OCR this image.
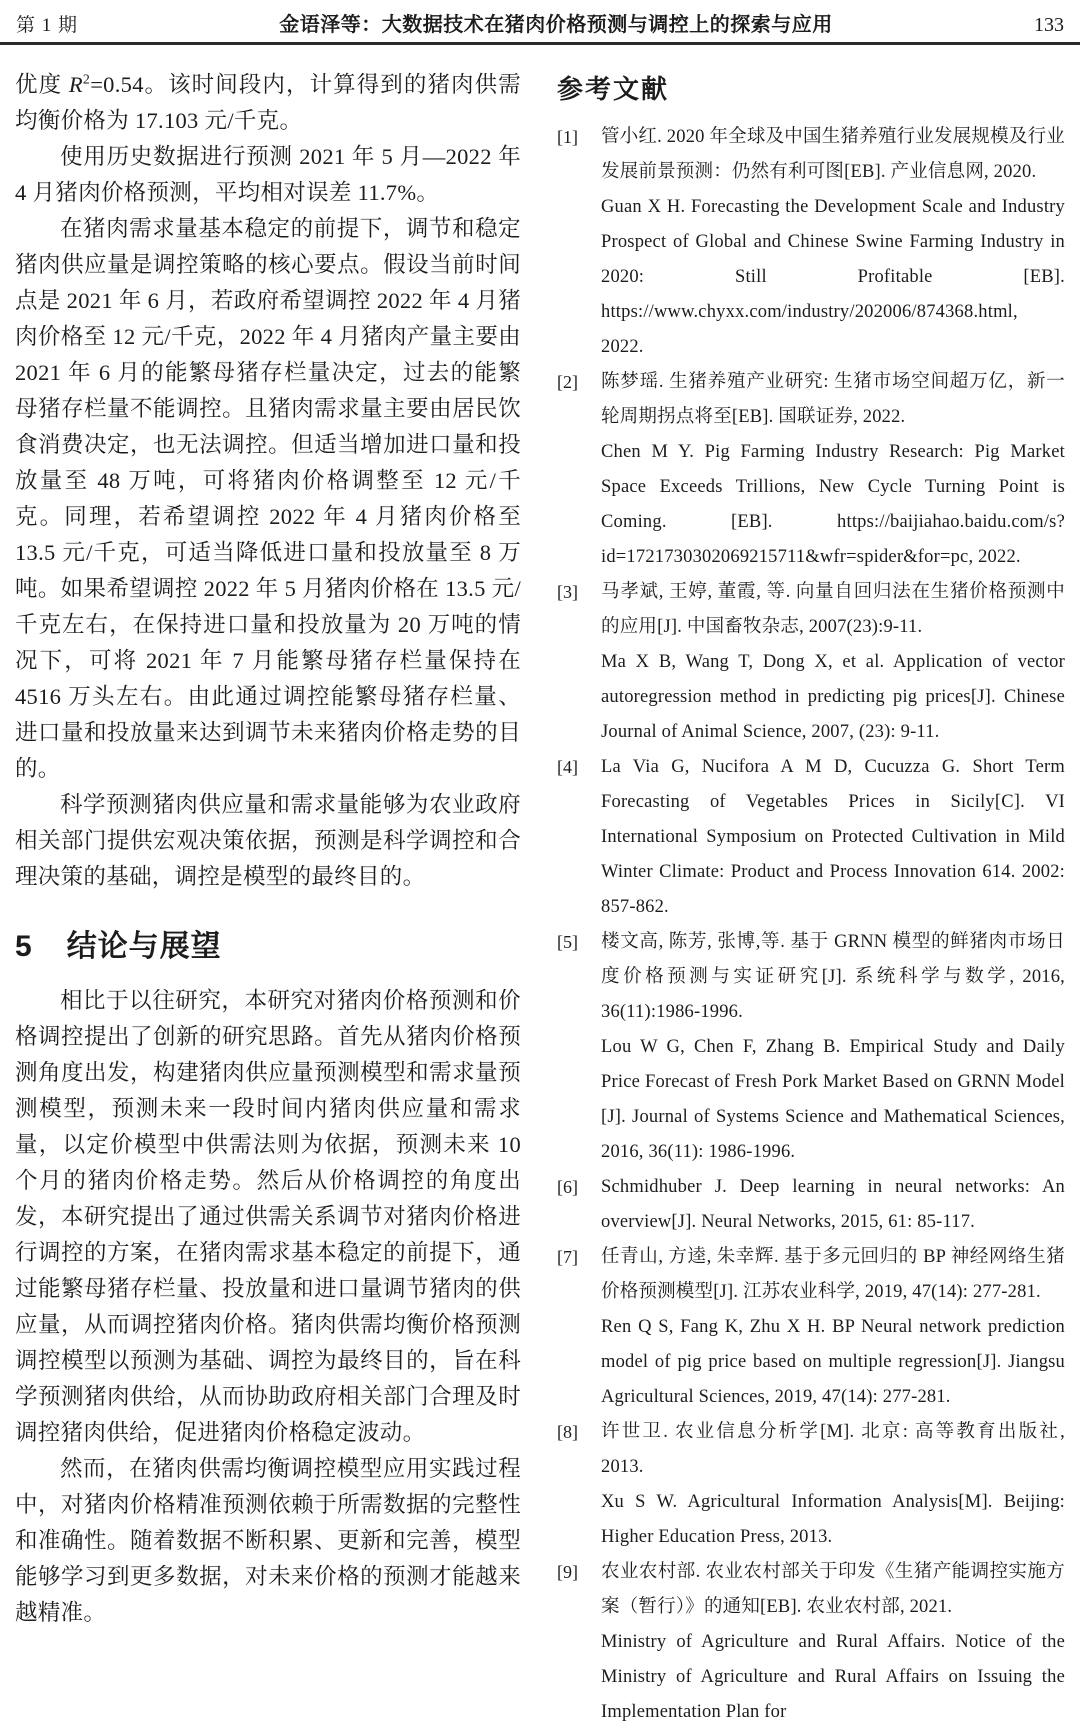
第 1 期	金语泽等：大数据技术在猪肉价格预测与调控上的探索与应用	133

优度 $R^2=0.54$。该时间段内，计算得到的猪肉供需均衡价格为 17.103 元/千克。

使用历史数据进行预测 2021 年 5 月—2022 年 4 月猪肉价格预测，平均相对误差 11.7%。

在猪肉需求量基本稳定的前提下，调节和稳定猪肉供应量是调控策略的核心要点。假设当前时间点是 2021 年 6 月，若政府希望调控 2022 年 4 月猪肉价格至 12 元/千克，2022 年 4 月猪肉产量主要由 2021 年 6 月的能繁母猪存栏量决定，过去的能繁母猪存栏量不能调控。且猪肉需求量主要由居民饮食消费决定，也无法调控。但适当增加进口量和投放量至 48 万吨，可将猪肉价格调整至 12 元/千克。同理，若希望调控 2022 年 4 月猪肉价格至 13.5 元/千克，可适当降低进口量和投放量至 8 万吨。如果希望调控 2022 年 5 月猪肉价格在 13.5 元/千克左右，在保持进口量和投放量为 20 万吨的情况下，可将 2021 年 7 月能繁母猪存栏量保持在 4516 万头左右。由此通过调控能繁母猪存栏量、进口量和投放量来达到调节未来猪肉价格走势的目的。

科学预测猪肉供应量和需求量能够为农业政府相关部门提供宏观决策依据，预测是科学调控和合理决策的基础，调控是模型的最终目的。

5 结论与展望

相比于以往研究，本研究对猪肉价格预测和价格调控提出了创新的研究思路。首先从猪肉价格预测角度出发，构建猪肉供应量预测模型和需求量预测模型，预测未来一段时间内猪肉供应量和需求量，以定价模型中供需法则为依据，预测未来 10 个月的猪肉价格走势。然后从价格调控的角度出发，本研究提出了通过供需关系调节对猪肉价格进行调控的方案，在猪肉需求基本稳定的前提下，通过能繁母猪存栏量、投放量和进口量调节猪肉的供应量，从而调控猪肉价格。猪肉供需均衡价格预测调控模型以预测为基础、调控为最终目的，旨在科学预测猪肉供给，从而协助政府相关部门合理及时调控猪肉供给，促进猪肉价格稳定波动。

然而，在猪肉供需均衡调控模型应用实践过程中，对猪肉价格精准预测依赖于所需数据的完整性和准确性。随着数据不断积累、更新和完善，模型能够学习到更多数据，对未来价格的预测才能越来越精准。

参考文献
[1]	管小红. 2020 年全球及中国生猪养殖行业发展规模及行业发展前景预测：仍然有利可图[EB]. 产业信息网, 2020.

Guan X H. Forecasting the Development Scale and Industry Prospect of Global and Chinese Swine Farming Industry in 2020: Still Profitable [EB]. https://www.chyxx.com/industry/202006/874368.html, 2022.

[2]	陈梦瑶. 生猪养殖产业研究: 生猪市场空间超万亿，新一轮周期拐点将至[EB]. 国联证券, 2022.

Chen M Y. Pig Farming Industry Research: Pig Market Space Exceeds Trillions, New Cycle Turning Point is Coming. [EB]. https://baijiahao.baidu.com/s?id=1721730302069215711&wfr=spider&for=pc, 2022.

[3]	马孝斌, 王婷, 董霞, 等. 向量自回归法在生猪价格预测中的应用[J]. 中国畜牧杂志, 2007(23):9-11.

Ma X B, Wang T, Dong X, et al. Application of vector autoregression method in predicting pig prices[J]. Chinese Journal of Animal Science, 2007, (23): 9-11.

[4]	La Via G, Nucifora A M D, Cucuzza G. Short Term Forecasting of Vegetables Prices in Sicily[C]. VI International Symposium on Protected Cultivation in Mild Winter Climate: Product and Process Innovation 614. 2002: 857-862.

[5]	楼文高, 陈芳, 张博,等. 基于 GRNN 模型的鲜猪肉市场日度价格预测与实证研究[J]. 系统科学与数学, 2016, 36(11):1986-1996.

Lou W G, Chen F, Zhang B. Empirical Study and Daily Price Forecast of Fresh Pork Market Based on GRNN Model [J]. Journal of Systems Science and Mathematical Sciences, 2016, 36(11): 1986-1996.

[6]	Schmidhuber J. Deep learning in neural networks: An overview[J]. Neural Networks, 2015, 61: 85-117.

[7]	任青山, 方逵, 朱幸辉. 基于多元回归的 BP 神经网络生猪价格预测模型[J]. 江苏农业科学, 2019, 47(14): 277-281.

Ren Q S, Fang K, Zhu X H. BP Neural network prediction model of pig price based on multiple regression[J]. Jiangsu Agricultural Sciences, 2019, 47(14): 277-281.

[8]	许世卫. 农业信息分析学[M]. 北京: 高等教育出版社, 2013.

Xu S W. Agricultural Information Analysis[M]. Beijing: Higher Education Press, 2013.

[9]	农业农村部. 农业农村部关于印发《生猪产能调控实施方案（暂行）》的通知[EB]. 农业农村部, 2021.

Ministry of Agriculture and Rural Affairs. Notice of the Ministry of Agriculture and Rural Affairs on Issuing the Implementation Plan for
